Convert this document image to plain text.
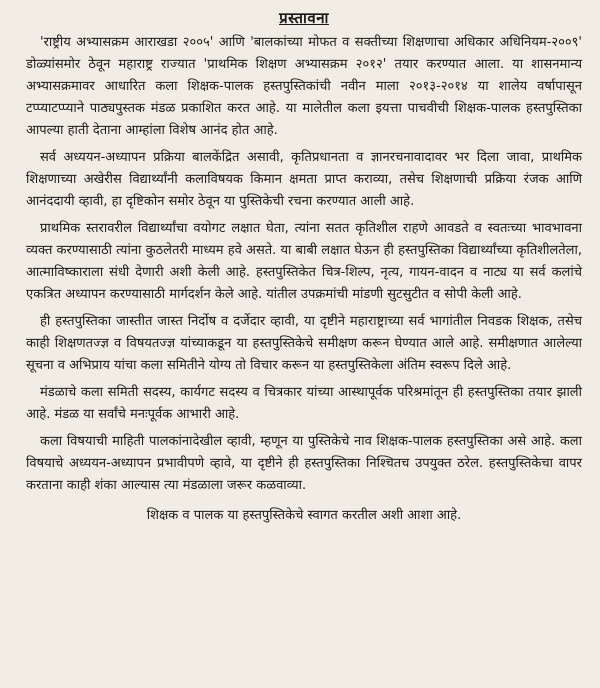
प्रस्तावना

'राष्ट्रीय अभ्यासक्रम आराखडा २००५' आणि 'बालकांच्या मोफत व सक्तीच्या शिक्षणाचा अधिकार अधिनियम-२००९' डोळ्यांसमोर ठेवून महाराष्ट्र राज्यात 'प्राथमिक शिक्षण अभ्यासक्रम २०१२' तयार करण्यात आला. या शासनमान्य अभ्यासक्रमावर आधारित कला शिक्षक-पालक हस्तपुस्तिकांची नवीन माला २०१३-२०१४ या शालेय वर्षापासून टप्प्याटप्प्याने पाठ्यपुस्तक मंडळ प्रकाशित करत आहे. या मालेतील कला इयत्ता पाचवीची शिक्षक-पालक हस्तपुस्तिका आपल्या हाती देताना आम्हांला विशेष आनंद होत आहे.

सर्व अध्ययन-अध्यापन प्रक्रिया बालकेंद्रित असावी, कृतिप्रधानता व ज्ञानरचनावादावर भर दिला जावा, प्राथमिक शिक्षणाच्या अखेरीस विद्यार्थ्यांनी कलाविषयक किमान क्षमता प्राप्त कराव्या, तसेच शिक्षणाची प्रक्रिया रंजक आणि आनंददायी व्हावी, हा दृष्टिकोन समोर ठेवून या पुस्तिकेची रचना करण्यात आली आहे.

प्राथमिक स्तरावरील विद्यार्थ्यांचा वयोगट लक्षात घेता, त्यांना सतत कृतिशील राहणे आवडते व स्वतःच्या भावभावना व्यक्त करण्यासाठी त्यांना कुठलेतरी माध्यम हवे असते. या बाबी लक्षात घेऊन ही हस्तपुस्तिका विद्यार्थ्यांच्या कृतिशीलतेला, आत्माविष्काराला संधी देणारी अशी केली आहे. हस्तपुस्तिकेत चित्र-शिल्प, नृत्य, गायन-वादन व नाट्य या सर्व कलांचे एकत्रित अध्यापन करण्यासाठी मार्गदर्शन केले आहे. यांतील उपक्रमांची मांडणी सुटसुटीत व सोपी केली आहे.

ही हस्तपुस्तिका जास्तीत जास्त निर्दोष व दर्जेदार व्हावी, या दृष्टीने महाराष्ट्राच्या सर्व भागांतील निवडक शिक्षक, तसेच काही शिक्षणतज्ज्ञ व विषयतज्ज्ञ यांच्याकडून या हस्तपुस्तिकेचे समीक्षण करून घेण्यात आले आहे. समीक्षणात आलेल्या सूचना व अभिप्राय यांचा कला समितीने योग्य तो विचार करून या हस्तपुस्तिकेला अंतिम स्वरूप दिले आहे.

मंडळाचे कला समिती सदस्य, कार्यगट सदस्य व चित्रकार यांच्या आस्थापूर्वक परिश्रमांतून ही हस्तपुस्तिका तयार झाली आहे. मंडळ या सर्वांचे मनःपूर्वक आभारी आहे.

कला विषयाची माहिती पालकांनादेखील व्हावी, म्हणून या पुस्तिकेचे नाव शिक्षक-पालक हस्तपुस्तिका असे आहे. कला विषयाचे अध्ययन-अध्यापन प्रभावीपणे व्हावे, या दृष्टीने ही हस्तपुस्तिका निश्चितच उपयुक्त ठरेल. हस्तपुस्तिकेचा वापर करताना काही शंका आल्यास त्या मंडळाला जरूर कळवाव्या.

शिक्षक व पालक या हस्तपुस्तिकेचे स्वागत करतील अशी आशा आहे.
